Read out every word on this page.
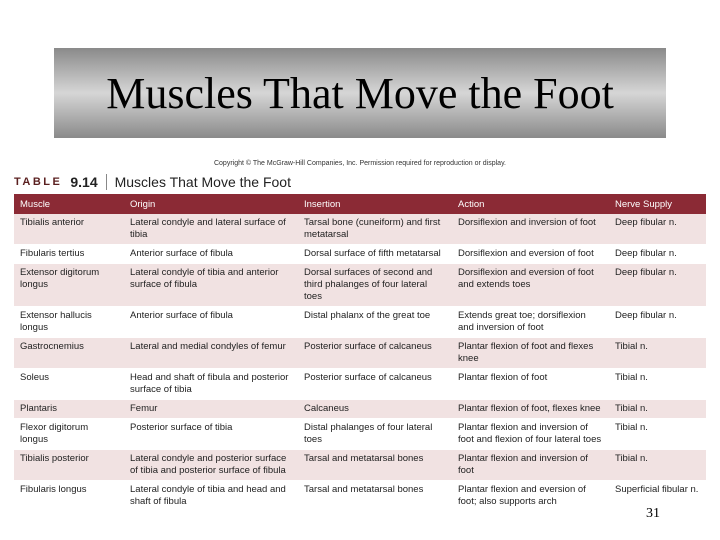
Muscles That Move the Foot
Copyright © The McGraw-Hill Companies, Inc. Permission required for reproduction or display.
TABLE 9.14 Muscles That Move the Foot
Muscle	Origin	Insertion	Action	Nerve Supply
Tibialis anterior	Lateral condyle and lateral surface of tibia	Tarsal bone (cuneiform) and first metatarsal	Dorsiflexion and inversion of foot	Deep fibular n.
Fibularis tertius	Anterior surface of fibula	Dorsal surface of fifth metatarsal	Dorsiflexion and eversion of foot	Deep fibular n.
Extensor digitorum longus	Lateral condyle of tibia and anterior surface of fibula	Dorsal surfaces of second and third phalanges of four lateral toes	Dorsiflexion and eversion of foot and extends toes	Deep fibular n.
Extensor hallucis longus	Anterior surface of fibula	Distal phalanx of the great toe	Extends great toe; dorsiflexion and inversion of foot	Deep fibular n.
Gastrocnemius	Lateral and medial condyles of femur	Posterior surface of calcaneus	Plantar flexion of foot and flexes knee	Tibial n.
Soleus	Head and shaft of fibula and posterior surface of tibia	Posterior surface of calcaneus	Plantar flexion of foot	Tibial n.
Plantaris	Femur	Calcaneus	Plantar flexion of foot, flexes knee	Tibial n.
Flexor digitorum longus	Posterior surface of tibia	Distal phalanges of four lateral toes	Plantar flexion and inversion of foot and flexion of four lateral toes	Tibial n.
Tibialis posterior	Lateral condyle and posterior surface of tibia and posterior surface of fibula	Tarsal and metatarsal bones	Plantar flexion and inversion of foot	Tibial n.
Fibularis longus	Lateral condyle of tibia and head and shaft of fibula	Tarsal and metatarsal bones	Plantar flexion and eversion of foot; also supports arch	Superficial fibular n.
31
